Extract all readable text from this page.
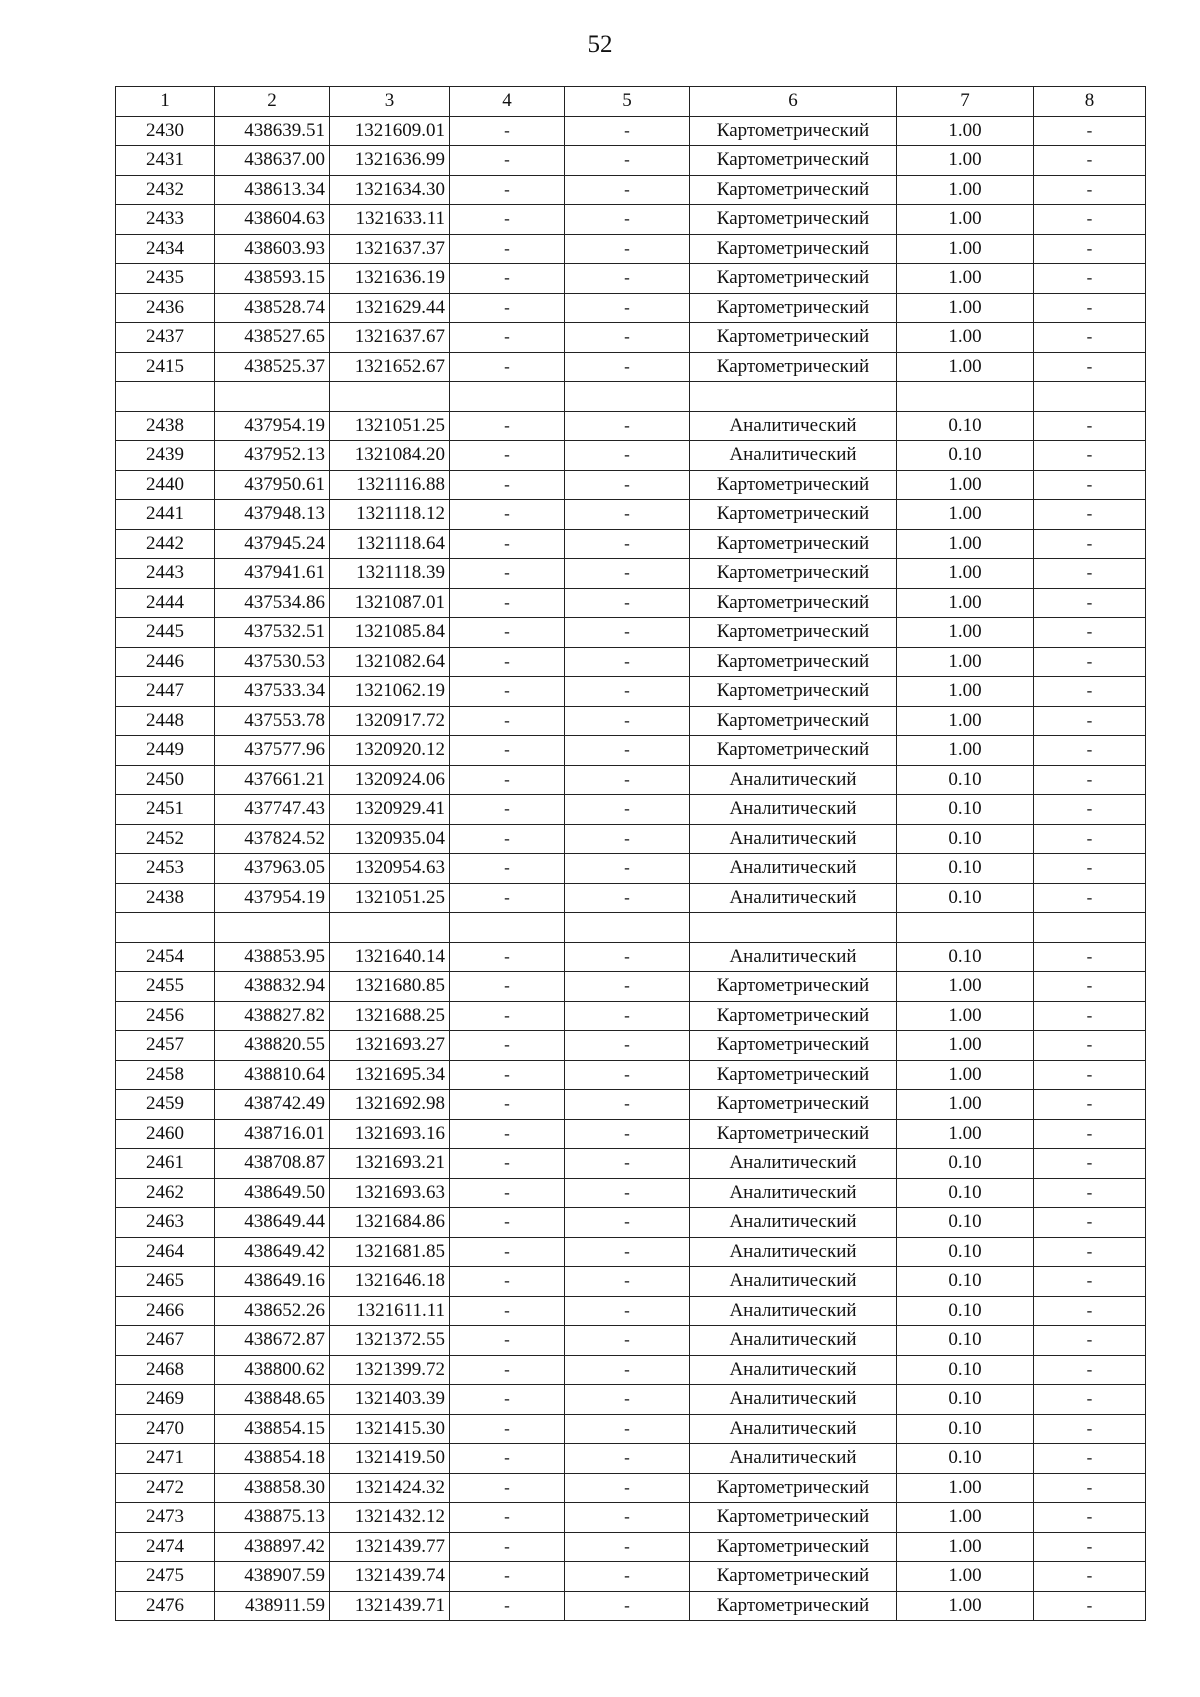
52
1	2	3	4	5	6	7	8
2430	438639.51	1321609.01	-	-	Картометрический	1.00	-
2431	438637.00	1321636.99	-	-	Картометрический	1.00	-
2432	438613.34	1321634.30	-	-	Картометрический	1.00	-
2433	438604.63	1321633.11	-	-	Картометрический	1.00	-
2434	438603.93	1321637.37	-	-	Картометрический	1.00	-
2435	438593.15	1321636.19	-	-	Картометрический	1.00	-
2436	438528.74	1321629.44	-	-	Картометрический	1.00	-
2437	438527.65	1321637.67	-	-	Картометрический	1.00	-
2415	438525.37	1321652.67	-	-	Картометрический	1.00	-

2438	437954.19	1321051.25	-	-	Аналитический	0.10	-
2439	437952.13	1321084.20	-	-	Аналитический	0.10	-
2440	437950.61	1321116.88	-	-	Картометрический	1.00	-
2441	437948.13	1321118.12	-	-	Картометрический	1.00	-
2442	437945.24	1321118.64	-	-	Картометрический	1.00	-
2443	437941.61	1321118.39	-	-	Картометрический	1.00	-
2444	437534.86	1321087.01	-	-	Картометрический	1.00	-
2445	437532.51	1321085.84	-	-	Картометрический	1.00	-
2446	437530.53	1321082.64	-	-	Картометрический	1.00	-
2447	437533.34	1321062.19	-	-	Картометрический	1.00	-
2448	437553.78	1320917.72	-	-	Картометрический	1.00	-
2449	437577.96	1320920.12	-	-	Картометрический	1.00	-
2450	437661.21	1320924.06	-	-	Аналитический	0.10	-
2451	437747.43	1320929.41	-	-	Аналитический	0.10	-
2452	437824.52	1320935.04	-	-	Аналитический	0.10	-
2453	437963.05	1320954.63	-	-	Аналитический	0.10	-
2438	437954.19	1321051.25	-	-	Аналитический	0.10	-

2454	438853.95	1321640.14	-	-	Аналитический	0.10	-
2455	438832.94	1321680.85	-	-	Картометрический	1.00	-
2456	438827.82	1321688.25	-	-	Картометрический	1.00	-
2457	438820.55	1321693.27	-	-	Картометрический	1.00	-
2458	438810.64	1321695.34	-	-	Картометрический	1.00	-
2459	438742.49	1321692.98	-	-	Картометрический	1.00	-
2460	438716.01	1321693.16	-	-	Картометрический	1.00	-
2461	438708.87	1321693.21	-	-	Аналитический	0.10	-
2462	438649.50	1321693.63	-	-	Аналитический	0.10	-
2463	438649.44	1321684.86	-	-	Аналитический	0.10	-
2464	438649.42	1321681.85	-	-	Аналитический	0.10	-
2465	438649.16	1321646.18	-	-	Аналитический	0.10	-
2466	438652.26	1321611.11	-	-	Аналитический	0.10	-
2467	438672.87	1321372.55	-	-	Аналитический	0.10	-
2468	438800.62	1321399.72	-	-	Аналитический	0.10	-
2469	438848.65	1321403.39	-	-	Аналитический	0.10	-
2470	438854.15	1321415.30	-	-	Аналитический	0.10	-
2471	438854.18	1321419.50	-	-	Аналитический	0.10	-
2472	438858.30	1321424.32	-	-	Картометрический	1.00	-
2473	438875.13	1321432.12	-	-	Картометрический	1.00	-
2474	438897.42	1321439.77	-	-	Картометрический	1.00	-
2475	438907.59	1321439.74	-	-	Картометрический	1.00	-
2476	438911.59	1321439.71	-	-	Картометрический	1.00	-
